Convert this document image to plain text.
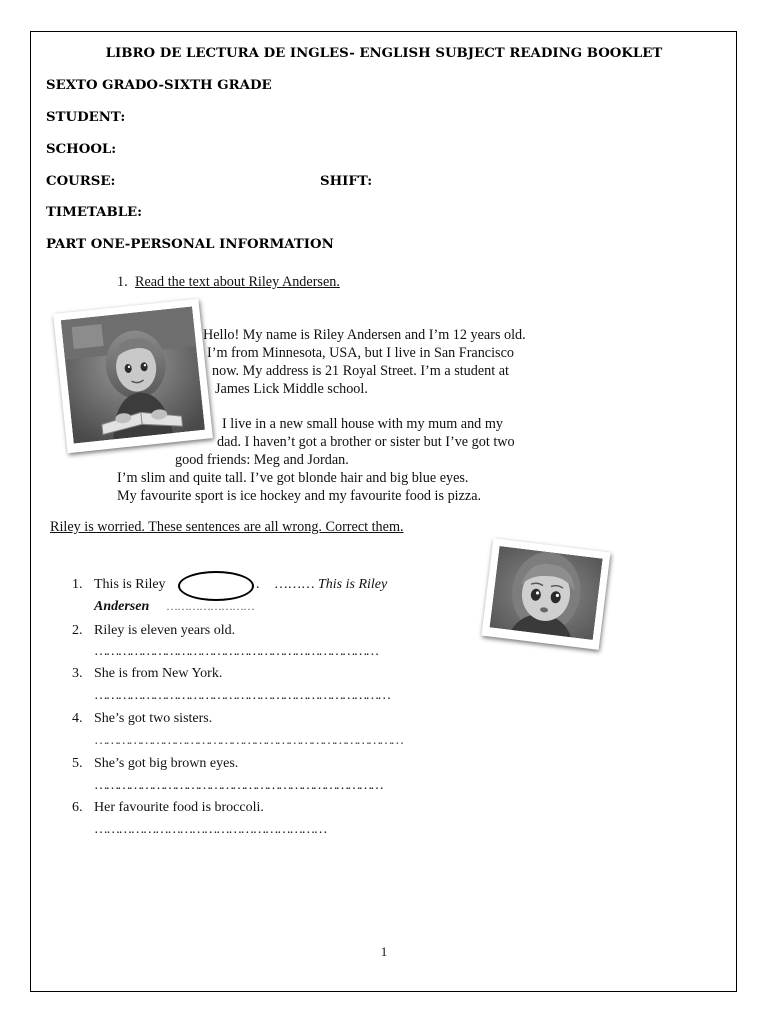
LIBRO DE LECTURA DE INGLES- ENGLISH SUBJECT READING BOOKLET
SEXTO GRADO-SIXTH GRADE
STUDENT:
SCHOOL:
COURSE:	SHIFT:
TIMETABLE:
PART ONE-PERSONAL INFORMATION
1. Read the text about Riley Andersen.
Hello! My name is Riley Andersen and I’m 12 years old.
I’m from Minnesota, USA, but I live in San Francisco
now. My address is 21 Royal Street. I’m a student at
James Lick Middle school.
I live in a new small house with my mum and my
dad. I haven’t got a brother or sister but I’ve got two
good friends: Meg and Jordan.
I’m slim and quite tall. I’ve got blonde hair and big blue eyes.
My favourite sport is ice hockey and my favourite food is pizza.
Riley is worried. These sentences are all wrong. Correct them.
1. This is Riley	. ……… This is Riley
Andersen ……………………
2. Riley is eleven years old.
………………………………………………………………
3. She is from New York.
…………………………………………………………………
4. She’s got two sisters.
………………………………………………………………………
5. She’s got big brown eyes.
…………………………………………………………………
6. Her favourite food is broccoli.
…………………………………………………
1
